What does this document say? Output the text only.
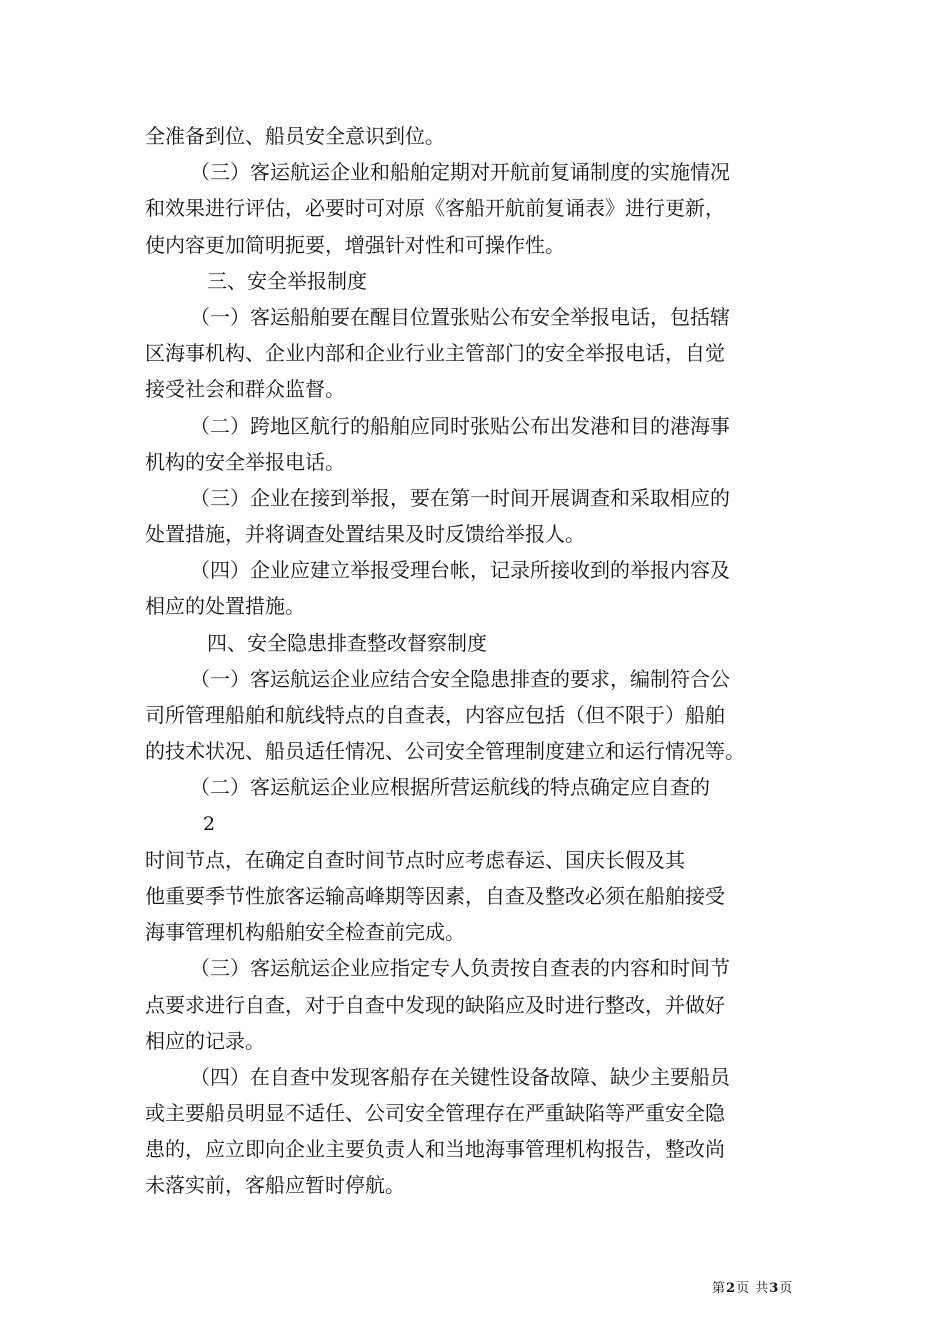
全准备到位、船员安全意识到位。
（三）客运航运企业和船舶定期对开航前复诵制度的实施情况
和效果进行评估，必要时可对原《客船开航前复诵表》进行更新，
使内容更加简明扼要，增强针对性和可操作性。
三、安全举报制度
（一）客运船舶要在醒目位置张贴公布安全举报电话，包括辖
区海事机构、企业内部和企业行业主管部门的安全举报电话，自觉
接受社会和群众监督。
（二）跨地区航行的船舶应同时张贴公布出发港和目的港海事
机构的安全举报电话。
（三）企业在接到举报，要在第一时间开展调查和采取相应的
处置措施，并将调查处置结果及时反馈给举报人。
（四）企业应建立举报受理台帐，记录所接收到的举报内容及
相应的处置措施。
四、安全隐患排查整改督察制度
（一）客运航运企业应结合安全隐患排查的要求，编制符合公
司所管理船舶和航线特点的自查表，内容应包括（但不限于）船舶
的技术状况、船员适任情况、公司安全管理制度建立和运行情况等。
（二）客运航运企业应根据所营运航线的特点确定应自查的
2
时间节点，在确定自查时间节点时应考虑春运、国庆长假及其
他重要季节性旅客运输高峰期等因素，自查及整改必须在船舶接受
海事管理机构船舶安全检查前完成。
（三）客运航运企业应指定专人负责按自查表的内容和时间节
点要求进行自查，对于自查中发现的缺陷应及时进行整改，并做好
相应的记录。
（四）在自查中发现客船存在关键性设备故障、缺少主要船员
或主要船员明显不适任、公司安全管理存在严重缺陷等严重安全隐
患的，应立即向企业主要负责人和当地海事管理机构报告，整改尚
未落实前，客船应暂时停航。
第2页 共3页
